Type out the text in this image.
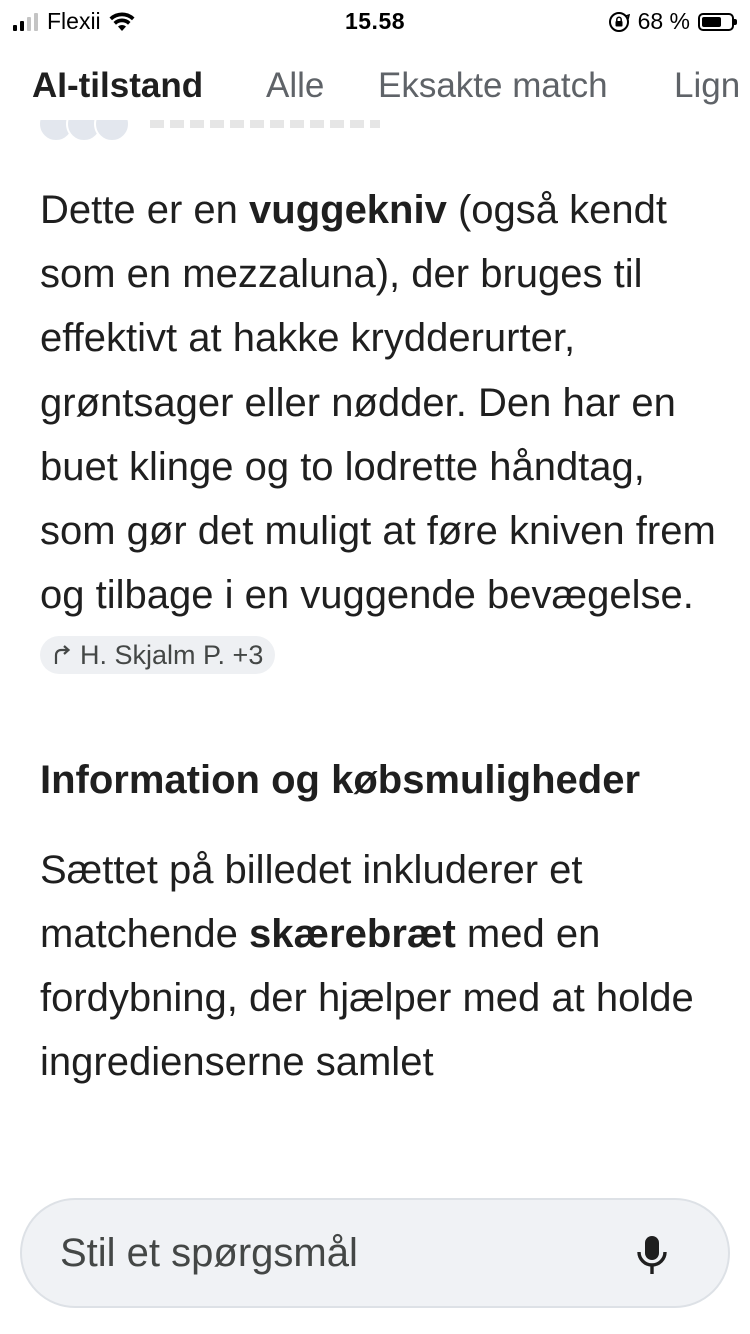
Flexii	15.58	68 %
AI-tilstand Alle Eksakte match Lign

Dette er en vuggekniv (også kendt som en mezzaluna), der bruges til effektivt at hakke krydderurter, grøntsager eller nødder. Den har en buet klinge og to lodrette håndtag, som gør det muligt at føre kniven frem og tilbage i en vuggende bevægelse.
H. Skjalm P. +3

Information og købsmuligheder

Sættet på billedet inkluderer et matchende skærebræt med en fordybning, der hjælper med at holde ingredienserne samlet

Stil et spørgsmål
